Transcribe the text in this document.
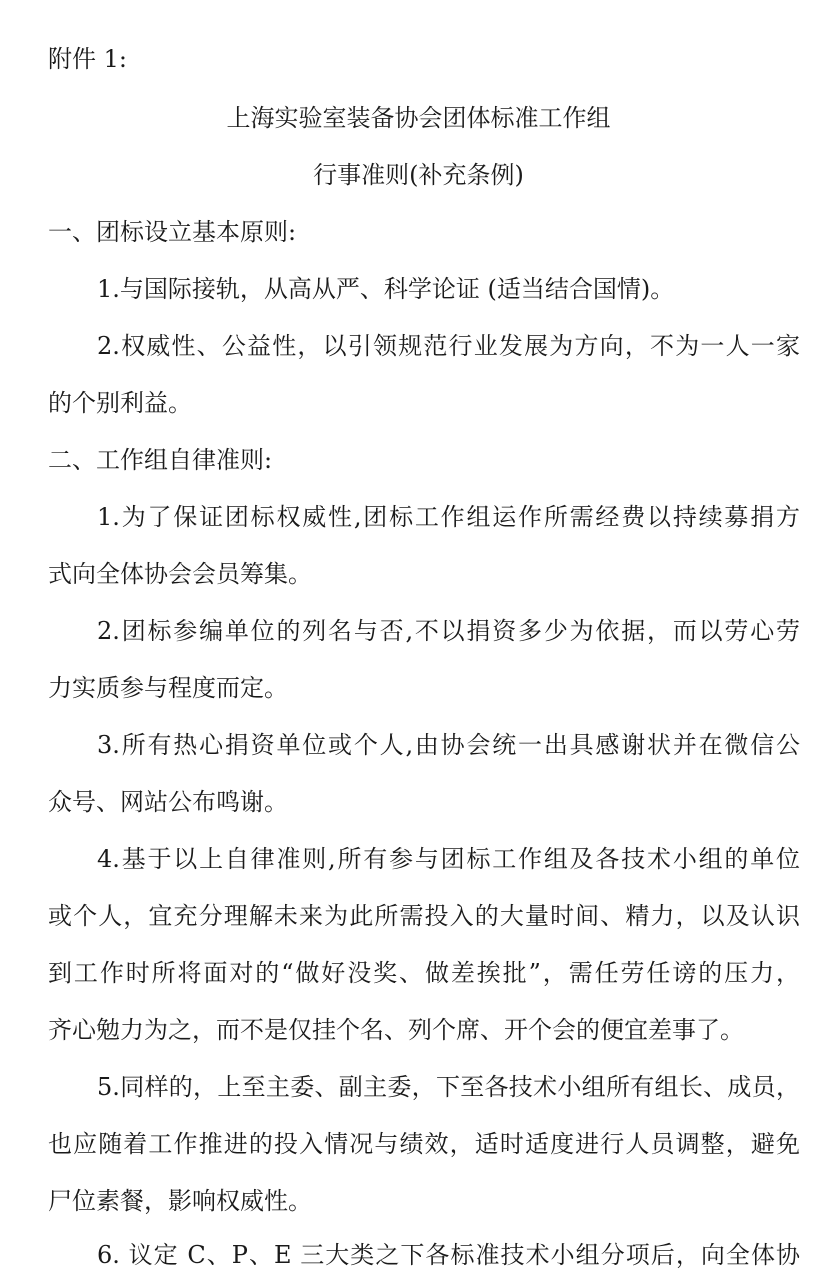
附件 1:
上海实验室装备协会团体标准工作组
行事准则(补充条例)
一、团标设立基本原则:
1.与国际接轨，从高从严、科学论证 (适当结合国情)。
2.权威性、公益性，以引领规范行业发展为方向，不为一人一家
的个别利益。
二、工作组自律准则:
1.为了保证团标权威性,团标工作组运作所需经费以持续募捐方
式向全体协会会员筹集。
2.团标参编单位的列名与否,不以捐资多少为依据，而以劳心劳
力实质参与程度而定。
3.所有热心捐资单位或个人,由协会统一出具感谢状并在微信公
众号、网站公布鸣谢。
4.基于以上自律准则,所有参与团标工作组及各技术小组的单位
或个人，宜充分理解未来为此所需投入的大量时间、精力，以及认识
到工作时所将面对的“做好没奖、做差挨批”，需任劳任谤的压力，
齐心勉力为之，而不是仅挂个名、列个席、开个会的便宜差事了。
5.同样的，上至主委、副主委，下至各技术小组所有组长、成员，
也应随着工作推进的投入情况与绩效，适时适度进行人员调整，避免
尸位素餐，影响权威性。
6. 议定 C、P、E 三大类之下各标准技术小组分项后，向全体协
